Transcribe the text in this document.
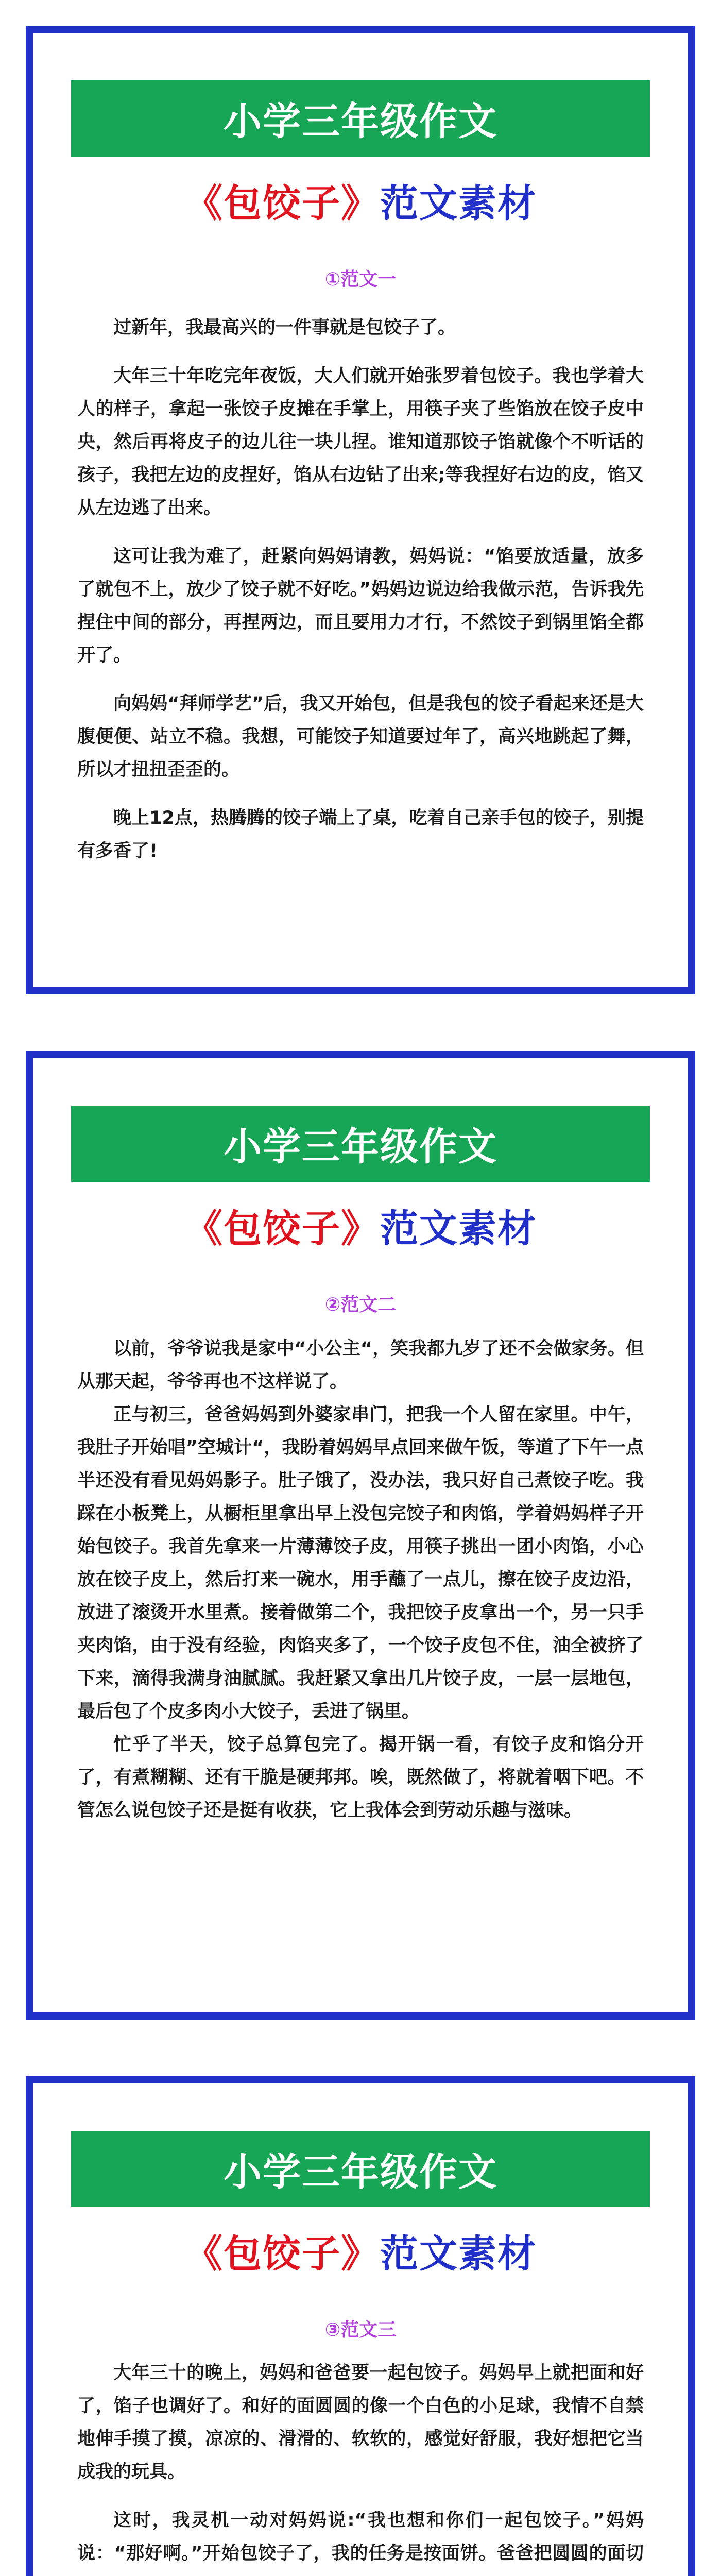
小学三年级作文
《包饺子》范文素材
①范文一

过新年，我最高兴的一件事就是包饺子了。

大年三十年吃完年夜饭，大人们就开始张罗着包饺子。我也学着大人的样子，拿起一张饺子皮摊在手掌上，用筷子夹了些馅放在饺子皮中央，然后再将皮子的边儿往一块儿捏。谁知道那饺子馅就像个不听话的孩子，我把左边的皮捏好，馅从右边钻了出来;等我捏好右边的皮，馅又从左边逃了出来。

这可让我为难了，赶紧向妈妈请教，妈妈说：“馅要放适量，放多了就包不上，放少了饺子就不好吃。”妈妈边说边给我做示范，告诉我先捏住中间的部分，再捏两边，而且要用力才行，不然饺子到锅里馅全都开了。

向妈妈“拜师学艺”后，我又开始包，但是我包的饺子看起来还是大腹便便、站立不稳。我想，可能饺子知道要过年了，高兴地跳起了舞，所以才扭扭歪歪的。

晚上12点，热腾腾的饺子端上了桌，吃着自己亲手包的饺子，别提有多香了!

小学三年级作文
《包饺子》范文素材
②范文二

以前，爷爷说我是家中“小公主“，笑我都九岁了还不会做家务。但从那天起，爷爷再也不这样说了。

正与初三，爸爸妈妈到外婆家串门，把我一个人留在家里。中午，我肚子开始唱”空城计“，我盼着妈妈早点回来做午饭，等道了下午一点半还没有看见妈妈影子。肚子饿了，没办法，我只好自己煮饺子吃。我踩在小板凳上，从橱柜里拿出早上没包完饺子和肉馅，学着妈妈样子开始包饺子。我首先拿来一片薄薄饺子皮，用筷子挑出一团小肉馅，小心放在饺子皮上，然后打来一碗水，用手蘸了一点儿，擦在饺子皮边沿，放进了滚烫开水里煮。接着做第二个，我把饺子皮拿出一个，另一只手夹肉馅，由于没有经验，肉馅夹多了，一个饺子皮包不住，油全被挤了下来，滴得我满身油腻腻。我赶紧又拿出几片饺子皮，一层一层地包，最后包了个皮多肉小大饺子，丢进了锅里。

忙乎了半天，饺子总算包完了。揭开锅一看，有饺子皮和馅分开了，有煮糊糊、还有干脆是硬邦邦。唉，既然做了，将就着咽下吧。不管怎么说包饺子还是挺有收获，它上我体会到劳动乐趣与滋味。

小学三年级作文
《包饺子》范文素材
③范文三

大年三十的晚上，妈妈和爸爸要一起包饺子。妈妈早上就把面和好了，馅子也调好了。和好的面圆圆的像一个白色的小足球，我情不自禁地伸手摸了摸，凉凉的、滑滑的、软软的，感觉好舒服，我好想把它当成我的玩具。

这时，我灵机一动对妈妈说:“我也想和你们一起包饺子。”妈妈说：“那好啊。”开始包饺子了，我的任务是按面饼。爸爸把圆圆的面切
